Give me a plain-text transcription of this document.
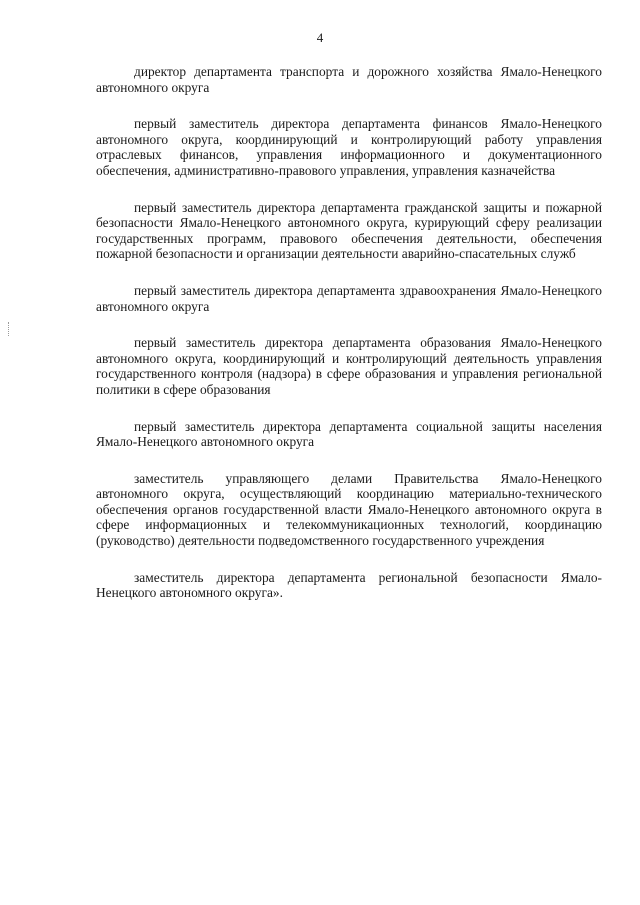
4

директор департамента транспорта и дорожного хозяйства Ямало-Ненецкого автономного округа

первый заместитель директора департамента финансов Ямало-Ненецкого автономного округа, координирующий и контролирующий работу управления отраслевых финансов, управления информационного и документационного обеспечения, административно-правового управления, управления казначейства

первый заместитель директора департамента гражданской защиты и пожарной безопасности Ямало-Ненецкого автономного округа, курирующий сферу реализации государственных программ, правового обеспечения деятельности, обеспечения пожарной безопасности и организации деятельности аварийно-спасательных служб

первый заместитель директора департамента здравоохранения Ямало-Ненецкого автономного округа

первый заместитель директора департамента образования Ямало-Ненецкого автономного округа, координирующий и контролирующий деятельность управления государственного контроля (надзора) в сфере образования и управления региональной политики в сфере образования

первый заместитель директора департамента социальной защиты населения Ямало-Ненецкого автономного округа

заместитель управляющего делами Правительства Ямало-Ненецкого автономного округа, осуществляющий координацию материально-технического обеспечения органов государственной власти Ямало-Ненецкого автономного округа в сфере информационных и телекоммуникационных технологий, координацию (руководство) деятельности подведомственного государственного учреждения

заместитель директора департамента региональной безопасности Ямало-Ненецкого автономного округа».
